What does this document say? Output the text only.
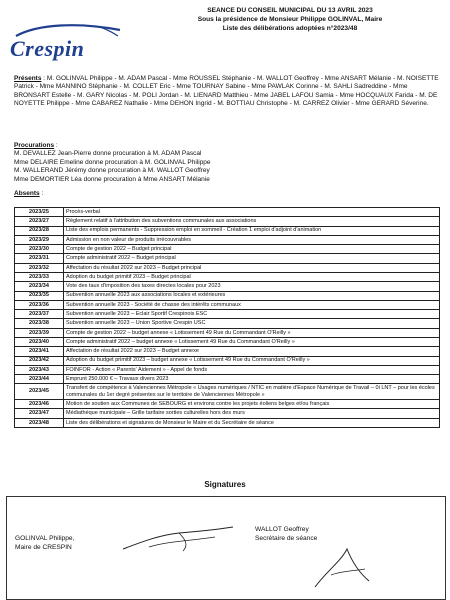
Crespin
SEANCE DU CONSEIL MUNICIPAL DU 13 AVRIL 2023
Sous la présidence de Monsieur Philippe GOLINVAL, Maire
Liste des délibérations adoptées n°2023/48
Présents : M. GOLINVAL Philippe - M. ADAM Pascal - Mme ROUSSEL Stéphanie - M. WALLOT Geoffrey - Mme ANSART Mélanie - M. NOISETTE Patrick - Mme MANNINO Stéphanie - M. COLLET Eric - Mme TOURNAY Sabine - Mme PAWLAK Corinne - M. SAHLI Sadreddine - Mme BRONSART Estelle - M. GARY Nicolas - M. POLI Jordan - M. LIENARD Matthieu - Mme JABEL LAFOU Samia - Mme HOCQUAUX Farida - M. DE NOYETTE Philippe - Mme CABAREZ Nathalie - Mme DEHON Ingrid - M. BOTTIAU Christophe - M. CARREZ Olivier - Mme GERARD Séverine.
Procurations :
M. DEVALLEZ Jean-Pierre donne procuration à M. ADAM Pascal
Mme DELAIRE Emeline donne procuration à M. GOLINVAL Philippe
M. WALLERAND Jérémy donne procuration à M. WALLOT Geoffrey
Mme DEMORTIER Léa donne procuration à Mme ANSART Mélanie
Absents :
2023/25	Procès-verbal
2023/27	Règlement relatif à l'attribution des subventions communales aux associations
2023/28	Liste des emplois permanents - Suppression emploi en sommeil - Création 1 emploi d'adjoint d'animation
2023/29	Admission en non valeur de produits irrécouvrables
2023/30	Compte de gestion 2022 – Budget principal
2023/31	Compte administratif 2022 – Budget principal
2023/32	Affectation du résultat 2022 sur 2023 – Budget principal
2023/33	Adoption du budget primitif 2023 – Budget principal
2023/34	Vote des taux d'imposition des taxes directes locales pour 2023
2023/35	Subvention annuelle 2023 aux associations locales et extérieures
2023/36	Subvention annuelle 2023 - Société de chasse des intérêts communaux
2023/37	Subvention annuelle 2023 – Eclair Sportif Crespinois ESC
2023/38	Subvention annuelle 2023 – Union Sportive Crespin USC
2023/39	Compte de gestion 2022 – budget annexe « Lotissement 49 Rue du Commandant O'Reilly »
2023/40	Compte administratif 2022 – budget annexe « Lotissement 49 Rue du Commandant O'Reilly »
2023/41	Affectation de résultat 2022 sur 2023 – Budget annexe
2023/42	Adoption du budget primitif 2023 – budget annexe « Lotissement 49 Rue du Commandant O'Reilly »
2023/43	FOINFOR - Action « Parents' Aidement » - Appel de fonds
2023/44	Emprunt 250.000 € – Travaux divers 2023
2023/45	Transfert de compétence à Valenciennes Métropole « Usages numériques / NTIC en matière d'Espace Numérique de Travail – 0i LNT – pour les écoles communales du 1er degré présentes sur le territoire de Valenciennes Métropole »
2023/46	Motion de soutien aux Communes de SEBOURG et environs contre les projets éoliens belges et/ou français
2023/47	Médiathèque municipale – Grille tarifaire sorties culturelles hors des murs
2023/48	Liste des délibérations et signatures de Monsieur le Maire et du Secrétaire de séance
Signatures
GOLINVAL Philippe,
Maire de CRESPIN
WALLOT Geoffrey
Secrétaire de séance
